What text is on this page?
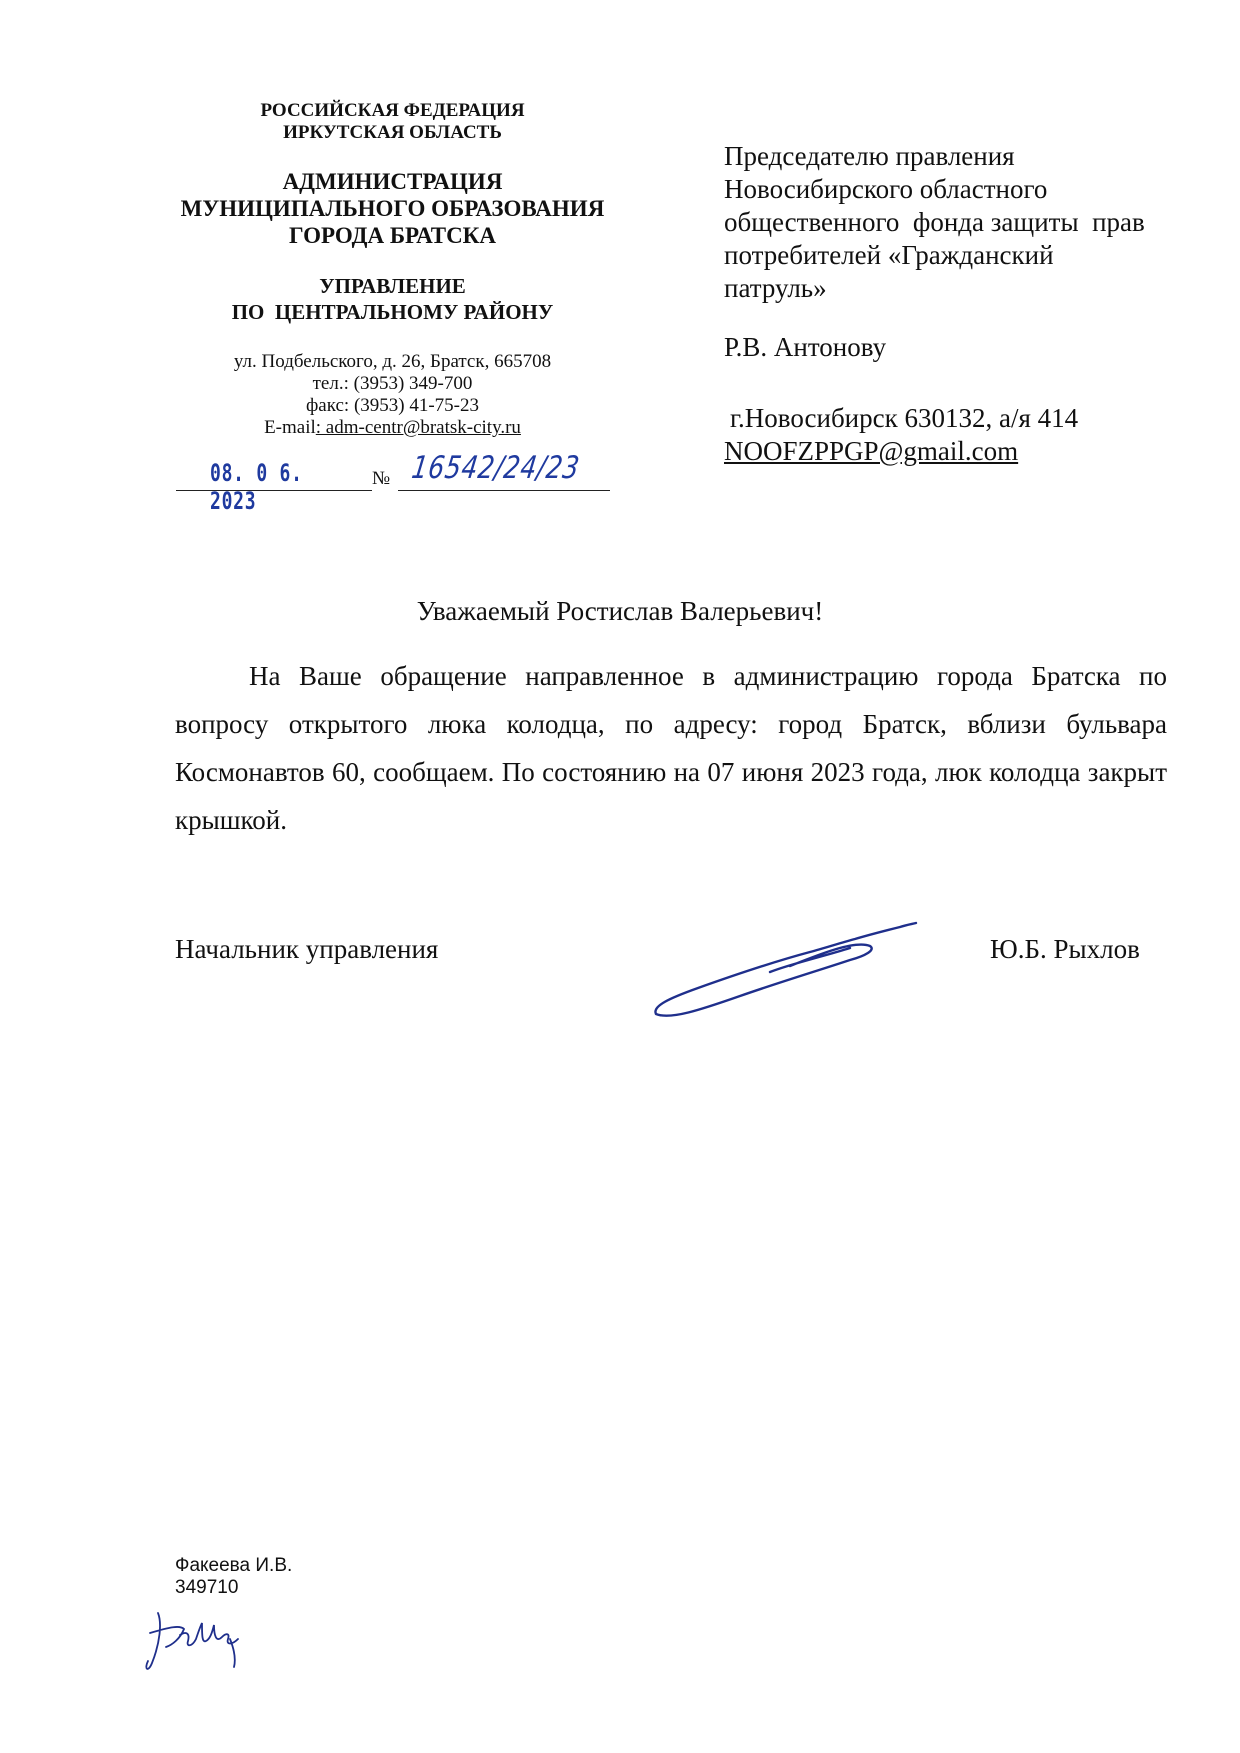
РОССИЙСКАЯ ФЕДЕРАЦИЯ
ИРКУТСКАЯ ОБЛАСТЬ
АДМИНИСТРАЦИЯ
МУНИЦИПАЛЬНОГО ОБРАЗОВАНИЯ
ГОРОДА БРАТСКА
УПРАВЛЕНИЕ
ПО  ЦЕНТРАЛЬНОМУ РАЙОНУ
ул. Подбельского, д. 26, Братск, 665708
тел.: (3953) 349-700
факс: (3953) 41-75-23
E-mail: adm-centr@bratsk-city.ru
08. 0 6. 2023
№ 16542/24/23
Председателю правления
Новосибирского областного
общественного  фонда защиты  прав
потребителей «Гражданский
патруль»
Р.В. Антонову
г.Новосибирск 630132, а/я 414
NOOFZPPGP@gmail.com
Уважаемый Ростислав Валерьевич!
На Ваше обращение направленное в администрацию города Братска по вопросу открытого люка колодца, по адресу: город Братск, вблизи бульвара Космонавтов 60, сообщаем. По состоянию на 07 июня 2023 года, люк колодца закрыт крышкой.
Начальник управления	Ю.Б. Рыхлов
Факеева И.В.
349710
